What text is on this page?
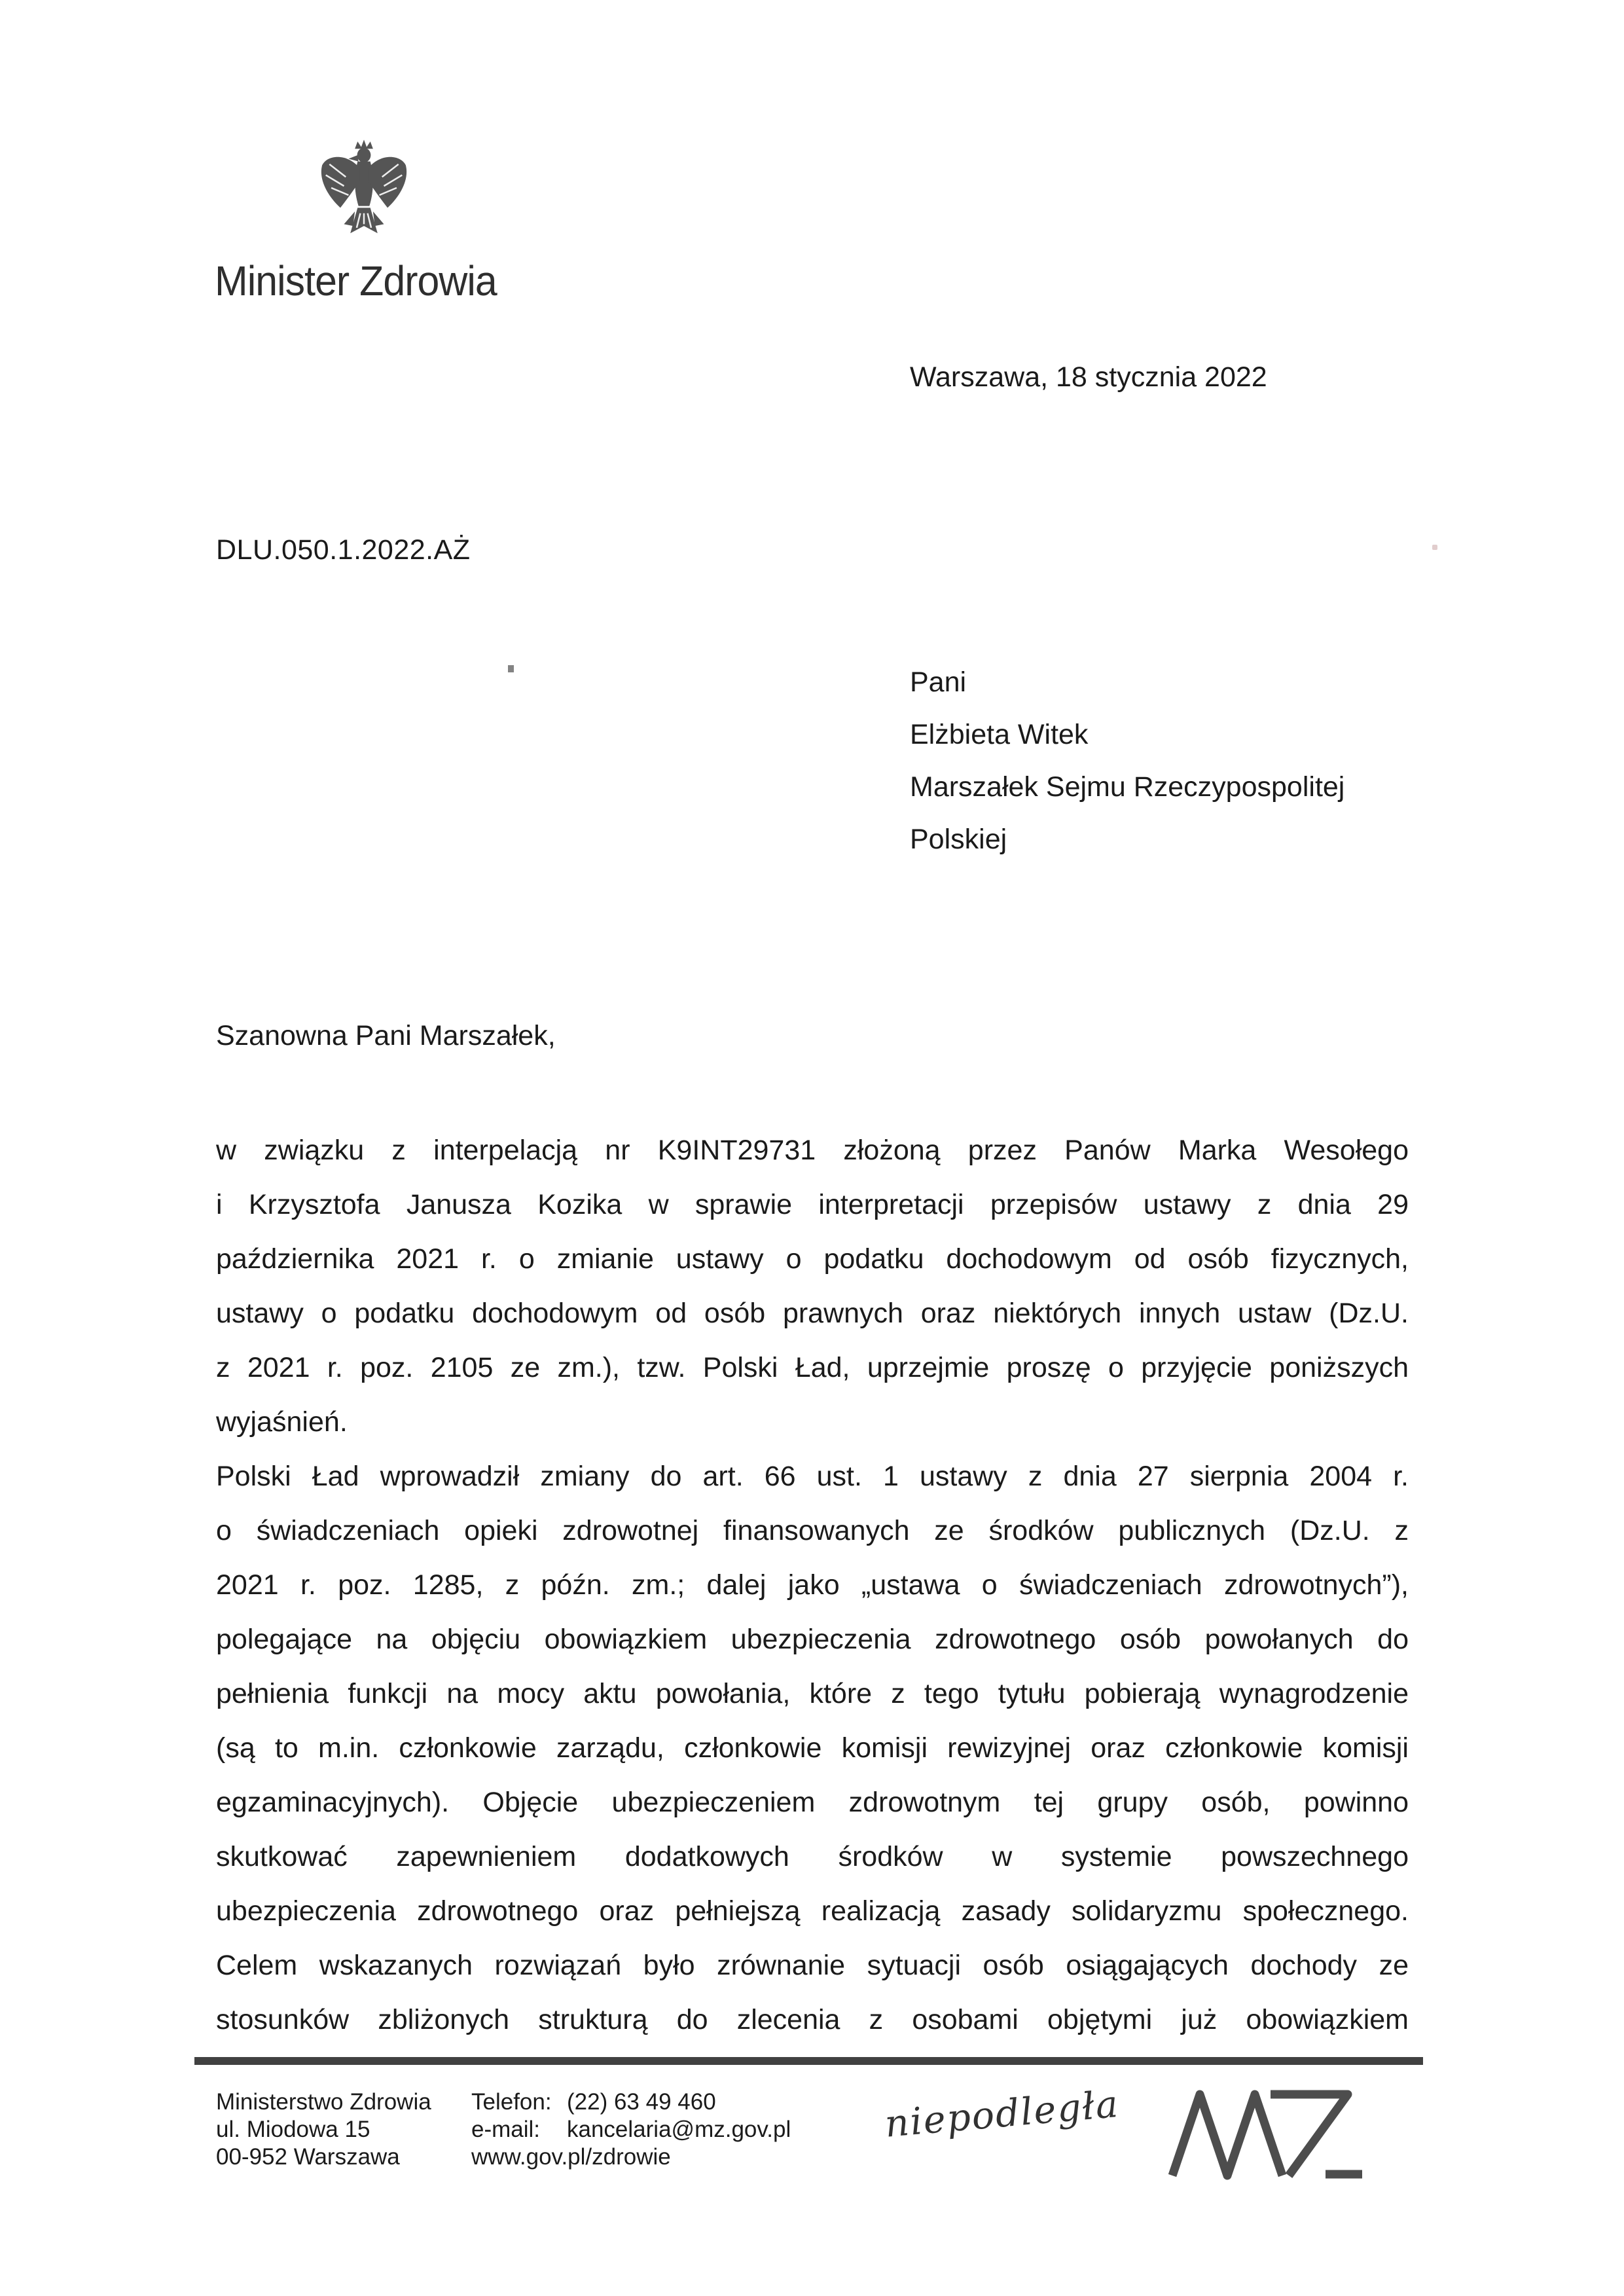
Minister Zdrowia
Warszawa, 18 stycznia 2022
DLU.050.1.2022.AŻ
Pani
Elżbieta Witek
Marszałek Sejmu Rzeczypospolitej
Polskiej
Szanowna Pani Marszałek,
w związku z interpelacją nr K9INT29731 złożoną przez Panów Marka Wesołego
i Krzysztofa Janusza Kozika w sprawie interpretacji przepisów ustawy z dnia 29
października 2021 r. o zmianie ustawy o podatku dochodowym od osób fizycznych,
ustawy o podatku dochodowym od osób prawnych oraz niektórych innych ustaw (Dz.U.
z 2021 r. poz. 2105 ze zm.), tzw. Polski Ład, uprzejmie proszę o przyjęcie poniższych
wyjaśnień.
Polski Ład wprowadził zmiany do art. 66 ust. 1 ustawy z dnia 27 sierpnia 2004 r.
o świadczeniach opieki zdrowotnej finansowanych ze środków publicznych (Dz.U. z
2021 r. poz. 1285, z późn. zm.; dalej jako „ustawa o świadczeniach zdrowotnych”),
polegające na objęciu obowiązkiem ubezpieczenia zdrowotnego osób powołanych do
pełnienia funkcji na mocy aktu powołania, które z tego tytułu pobierają wynagrodzenie
(są to m.in. członkowie zarządu, członkowie komisji rewizyjnej oraz członkowie komisji
egzaminacyjnych). Objęcie ubezpieczeniem zdrowotnym tej grupy osób, powinno
skutkować zapewnieniem dodatkowych środków w systemie powszechnego
ubezpieczenia zdrowotnego oraz pełniejszą realizacją zasady solidaryzmu społecznego.
Celem wskazanych rozwiązań było zrównanie sytuacji osób osiągających dochody ze
stosunków zbliżonych strukturą do zlecenia z osobami objętymi już obowiązkiem
Ministerstwo Zdrowia
ul. Miodowa 15
00-952 Warszawa
Telefon: (22) 63 49 460
e-mail: kancelaria@mz.gov.pl
www.gov.pl/zdrowie
niepodległa
